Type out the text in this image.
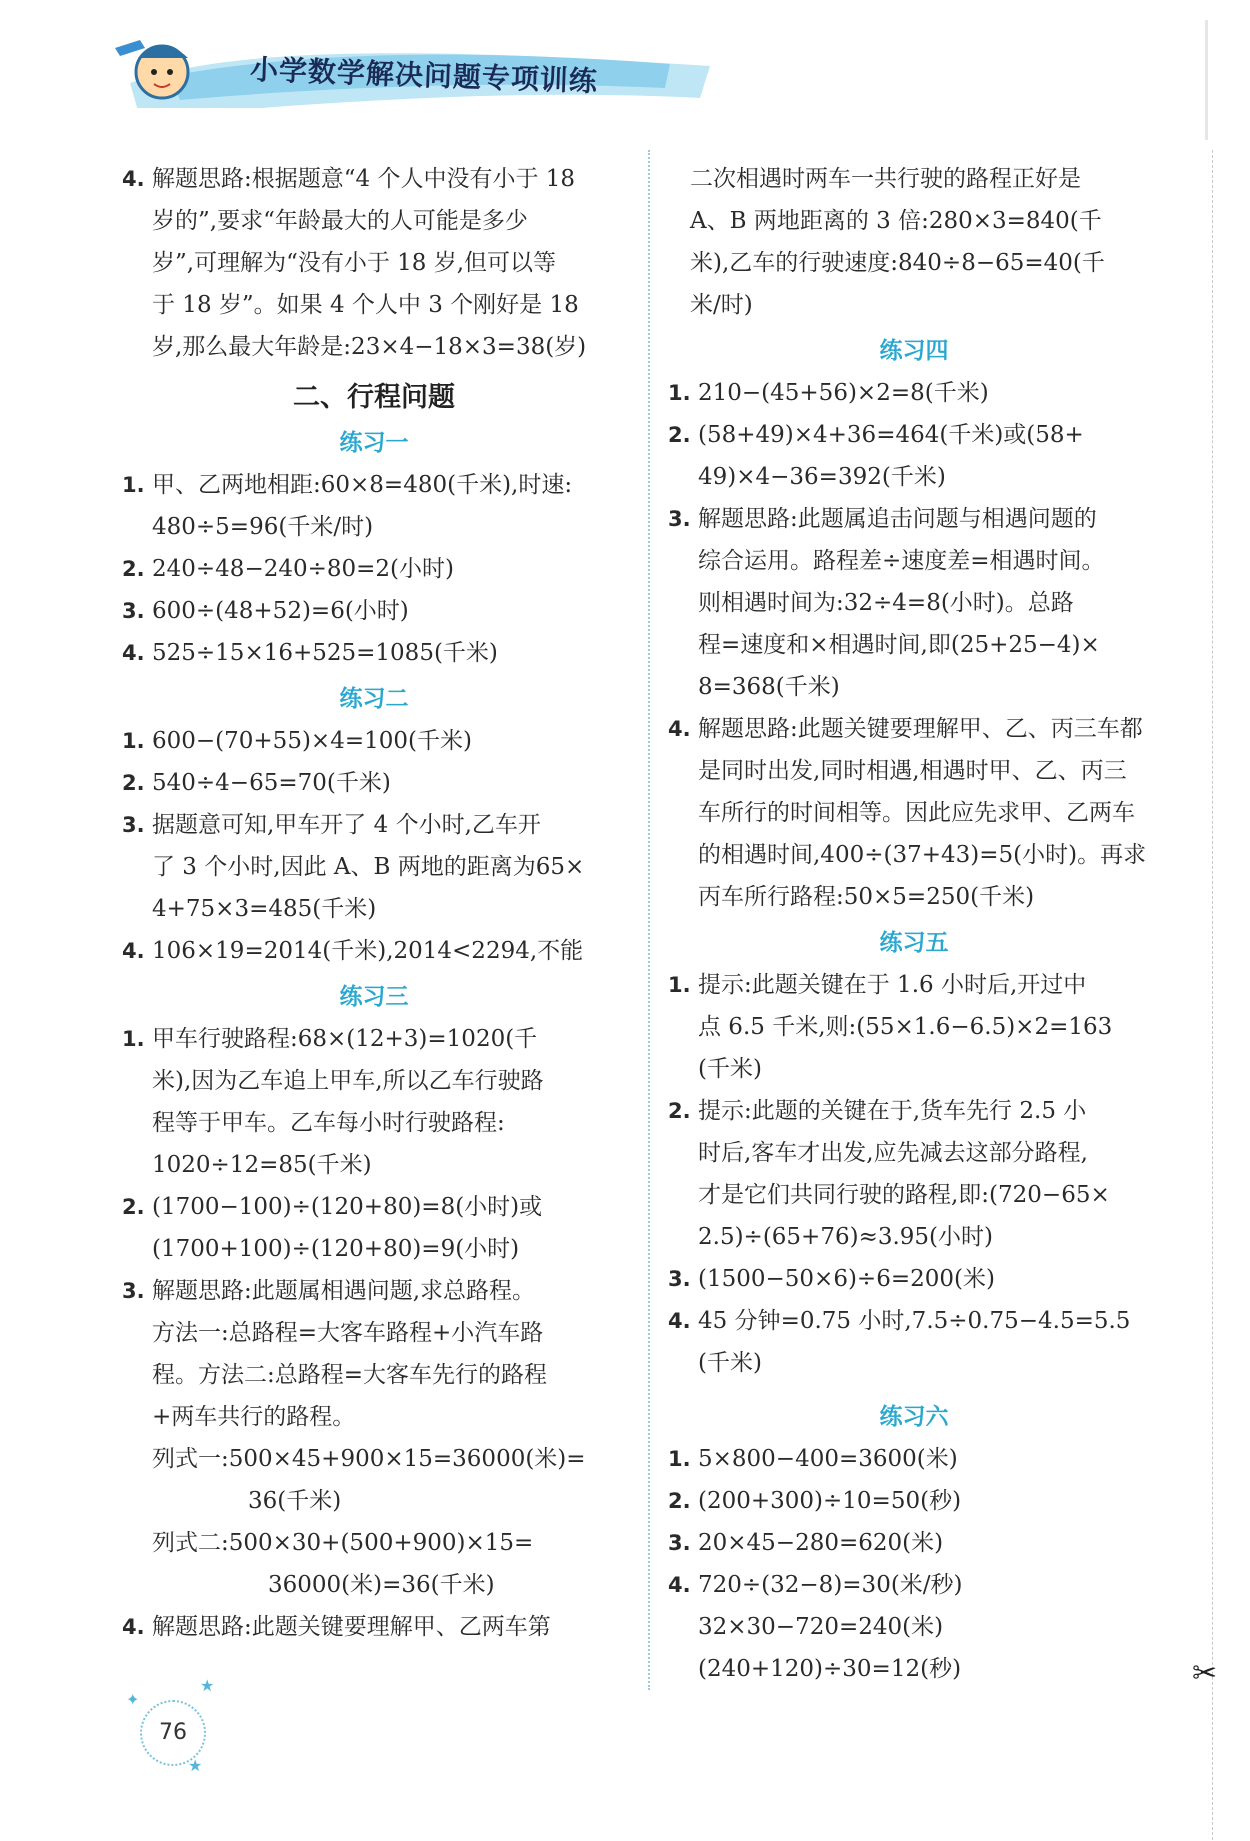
小学数学解决问题专项训练
✂
4. 解题思路:根据题意“4 个人中没有小于 18
岁的”,要求“年龄最大的人可能是多少
岁”,可理解为“没有小于 18 岁,但可以等
于 18 岁”。如果 4 个人中 3 个刚好是 18
岁,那么最大年龄是:23×4−18×3=38(岁)
二、行程问题
练习一
1. 甲、乙两地相距:60×8=480(千米),时速:
480÷5=96(千米/时)
2. 240÷48−240÷80=2(小时)
3. 600÷(48+52)=6(小时)
4. 525÷15×16+525=1085(千米)
练习二
1. 600−(70+55)×4=100(千米)
2. 540÷4−65=70(千米)
3. 据题意可知,甲车开了 4 个小时,乙车开
了 3 个小时,因此 A、B 两地的距离为65×
4+75×3=485(千米)
4. 106×19=2014(千米),2014<2294,不能
练习三
1. 甲车行驶路程:68×(12+3)=1020(千
米),因为乙车追上甲车,所以乙车行驶路
程等于甲车。乙车每小时行驶路程:
1020÷12=85(千米)
2. (1700−100)÷(120+80)=8(小时)或
(1700+100)÷(120+80)=9(小时)
3. 解题思路:此题属相遇问题,求总路程。
方法一:总路程=大客车路程+小汽车路
程。方法二:总路程=大客车先行的路程
+两车共行的路程。
列式一:500×45+900×15=36000(米)=
36(千米)
列式二:500×30+(500+900)×15=
36000(米)=36(千米)
4. 解题思路:此题关键要理解甲、乙两车第
二次相遇时两车一共行驶的路程正好是
A、B 两地距离的 3 倍:280×3=840(千
米),乙车的行驶速度:840÷8−65=40(千
米/时)
练习四
1. 210−(45+56)×2=8(千米)
2. (58+49)×4+36=464(千米)或(58+
49)×4−36=392(千米)
3. 解题思路:此题属追击问题与相遇问题的
综合运用。路程差÷速度差=相遇时间。
则相遇时间为:32÷4=8(小时)。总路
程=速度和×相遇时间,即(25+25−4)×
8=368(千米)
4. 解题思路:此题关键要理解甲、乙、丙三车都
是同时出发,同时相遇,相遇时甲、乙、丙三
车所行的时间相等。因此应先求甲、乙两车
的相遇时间,400÷(37+43)=5(小时)。再求
丙车所行路程:50×5=250(千米)
练习五
1. 提示:此题关键在于 1.6 小时后,开过中
点 6.5 千米,则:(55×1.6−6.5)×2=163
(千米)
2. 提示:此题的关键在于,货车先行 2.5 小
时后,客车才出发,应先减去这部分路程,
才是它们共同行驶的路程,即:(720−65×
2.5)÷(65+76)≈3.95(小时)
3. (1500−50×6)÷6=200(米)
4. 45 分钟=0.75 小时,7.5÷0.75−4.5=5.5
(千米)
练习六
1. 5×800−400=3600(米)
2. (200+300)÷10=50(秒)
3. 20×45−280=620(米)
4. 720÷(32−8)=30(米/秒)
32×30−720=240(米)
(240+120)÷30=12(秒)
76
✦
★
★
